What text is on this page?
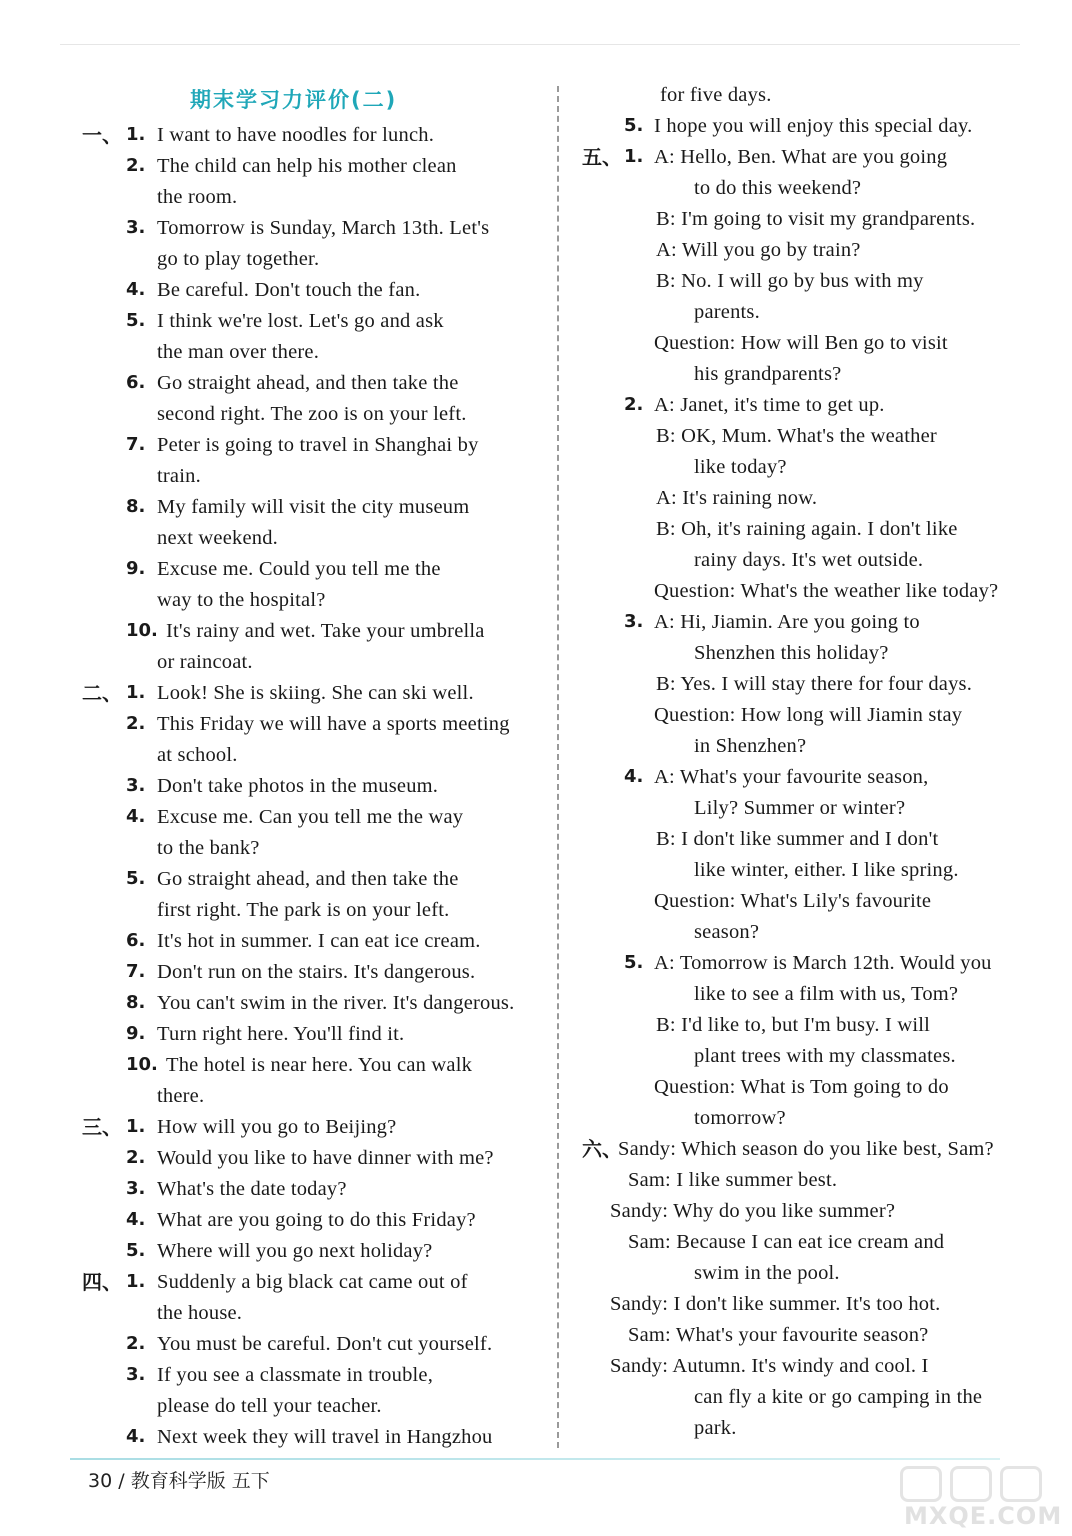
期末学习力评价(二)
一、 1. I want to have noodles for lunch.
2. The child can help his mother clean
the room.
3. Tomorrow is Sunday, March 13th. Let's
go to play together.
4. Be careful. Don't touch the fan.
5. I think we're lost. Let's go and ask
the man over there.
6. Go straight ahead, and then take the
second right. The zoo is on your left.
7. Peter is going to travel in Shanghai by
train.
8. My family will visit the city museum
next weekend.
9. Excuse me. Could you tell me the
way to the hospital?
10. It's rainy and wet. Take your umbrella
or raincoat.
二、 1. Look! She is skiing. She can ski well.
2. This Friday we will have a sports meeting
at school.
3. Don't take photos in the museum.
4. Excuse me. Can you tell me the way
to the bank?
5. Go straight ahead, and then take the
first right. The park is on your left.
6. It's hot in summer. I can eat ice cream.
7. Don't run on the stairs. It's dangerous.
8. You can't swim in the river. It's dangerous.
9. Turn right here. You'll find it.
10. The hotel is near here. You can walk
there.
三、 1. How will you go to Beijing?
2. Would you like to have dinner with me?
3. What's the date today?
4. What are you going to do this Friday?
5. Where will you go next holiday?
四、 1. Suddenly a big black cat came out of
the house.
2. You must be careful. Don't cut yourself.
3. If you see a classmate in trouble,
please do tell your teacher.
4. Next week they will travel in Hangzhou
for five days.
5. I hope you will enjoy this special day.
五、 1. A: Hello, Ben. What are you going
to do this weekend?
B: I'm going to visit my grandparents.
A: Will you go by train?
B: No. I will go by bus with my
parents.
Question: How will Ben go to visit
his grandparents?
2. A: Janet, it's time to get up.
B: OK, Mum. What's the weather
like today?
A: It's raining now.
B: Oh, it's raining again. I don't like
rainy days. It's wet outside.
Question: What's the weather like today?
3. A: Hi, Jiamin. Are you going to
Shenzhen this holiday?
B: Yes. I will stay there for four days.
Question: How long will Jiamin stay
in Shenzhen?
4. A: What's your favourite season,
Lily? Summer or winter?
B: I don't like summer and I don't
like winter, either. I like spring.
Question: What's Lily's favourite
season?
5. A: Tomorrow is March 12th. Would you
like to see a film with us, Tom?
B: I'd like to, but I'm busy. I will
plant trees with my classmates.
Question: What is Tom going to do
tomorrow?
六、
Sandy: Which season do you like best, Sam?
Sam: I like summer best.
Sandy: Why do you like summer?
Sam: Because I can eat ice cream and
swim in the pool.
Sandy: I don't like summer. It's too hot.
Sam: What's your favourite season?
Sandy: Autumn. It's windy and cool. I
can fly a kite or go camping in the
park.
30 / 教育科学版 五下
MXQE.COM
